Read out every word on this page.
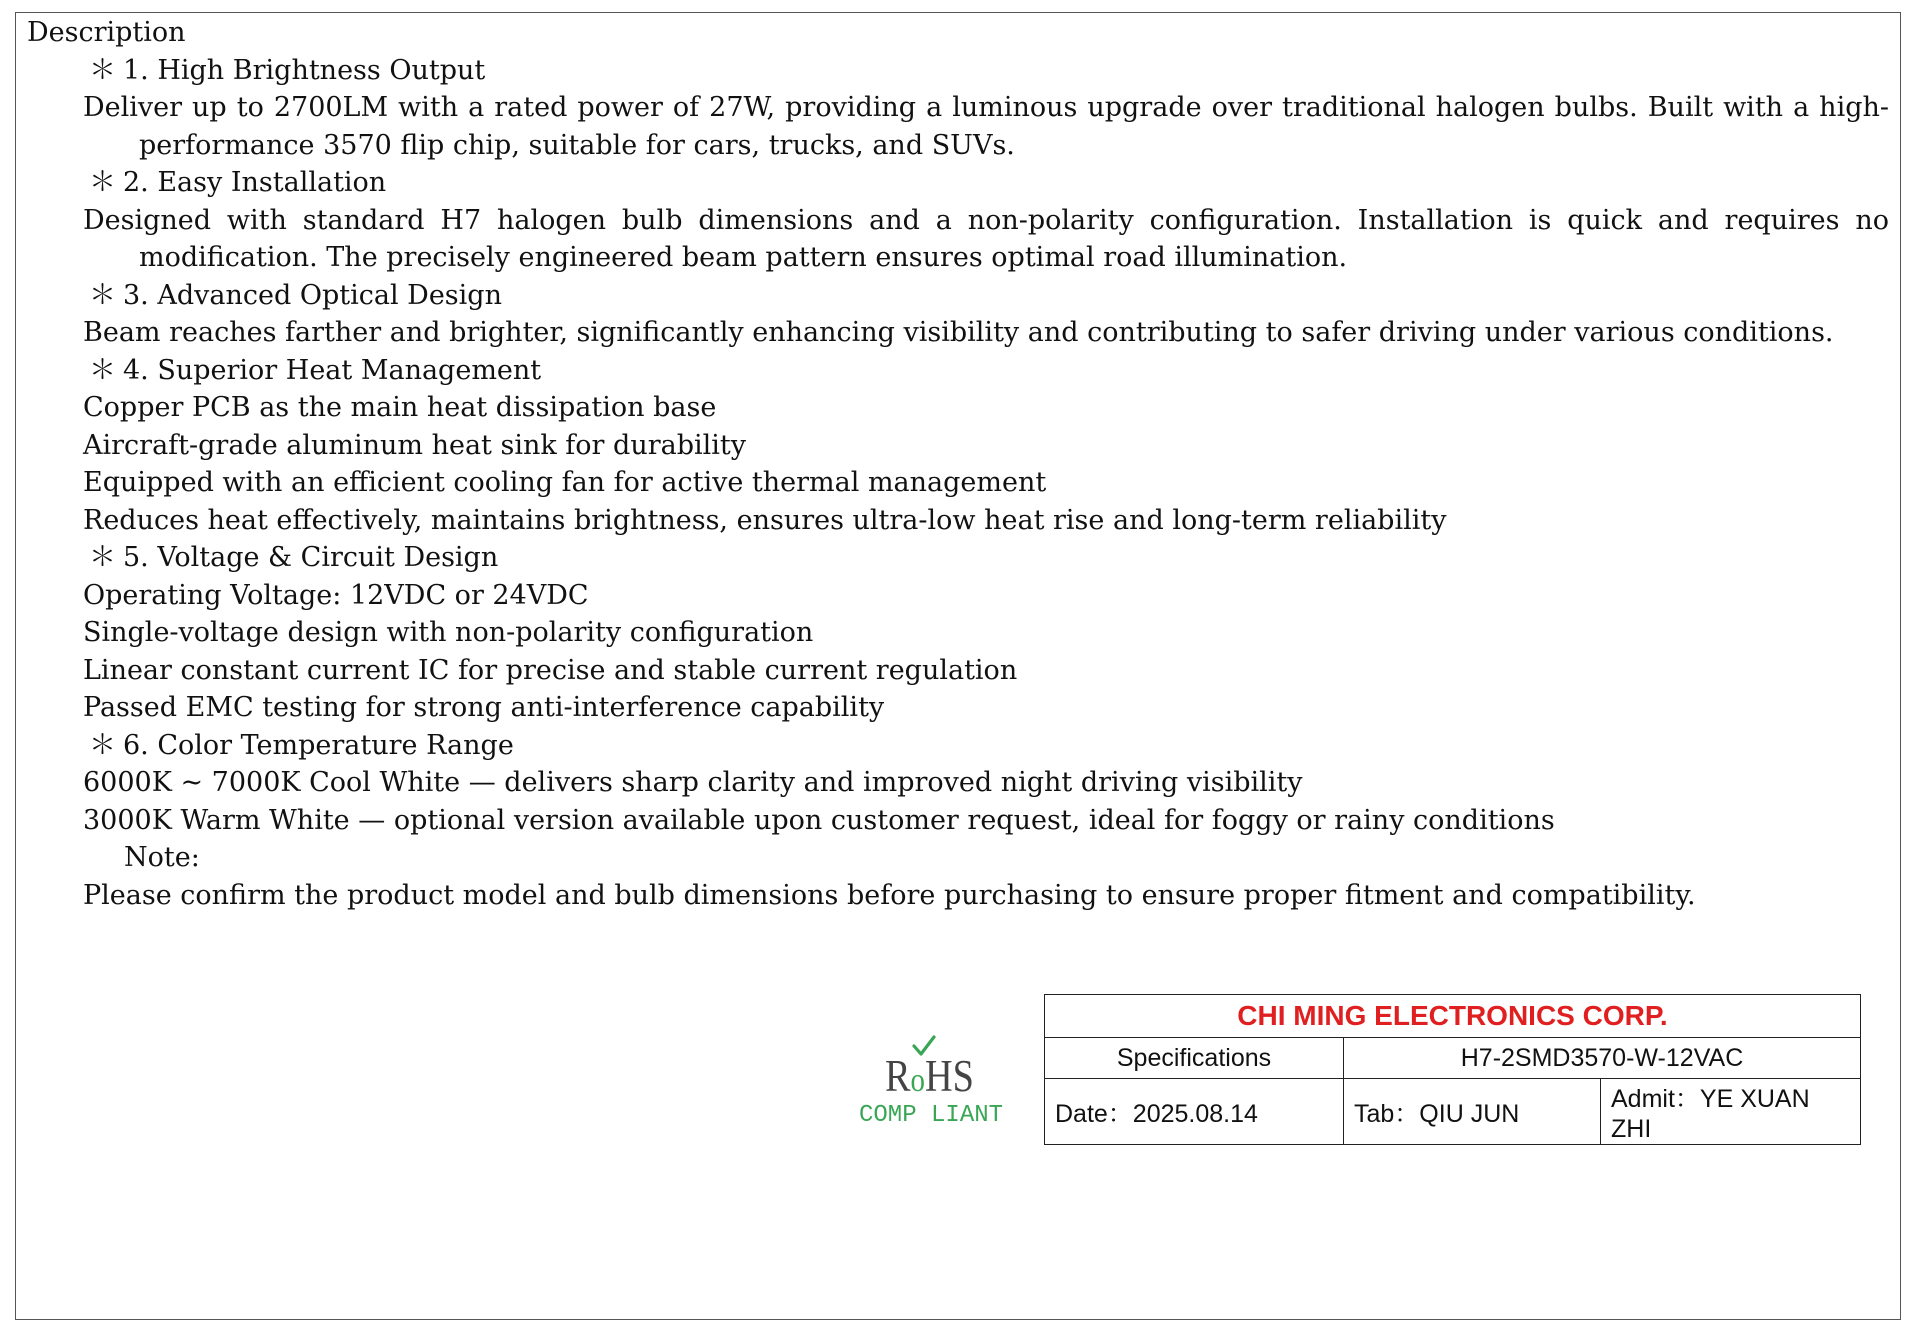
Description
＊ 1. High Brightness Output
Deliver up to 2700LM with a rated power of 27W, providing a luminous upgrade over traditional halogen bulbs. Built with a high-performance 3570 flip chip, suitable for cars, trucks, and SUVs.
＊ 2. Easy Installation
Designed with standard H7 halogen bulb dimensions and a non-polarity configuration. Installation is quick and requires no modification. The precisely engineered beam pattern ensures optimal road illumination.
＊ 3. Advanced Optical Design
Beam reaches farther and brighter, significantly enhancing visibility and contributing to safer driving under various conditions.
＊ 4. Superior Heat Management
Copper PCB as the main heat dissipation base
Aircraft-grade aluminum heat sink for durability
Equipped with an efficient cooling fan for active thermal management
Reduces heat effectively, maintains brightness, ensures ultra-low heat rise and long-term reliability
＊ 5. Voltage & Circuit Design
Operating Voltage: 12VDC or 24VDC
Single-voltage design with non-polarity configuration
Linear constant current IC for precise and stable current regulation
Passed EMC testing for strong anti-interference capability
＊ 6. Color Temperature Range
6000K ~ 7000K Cool White — delivers sharp clarity and improved night driving visibility
3000K Warm White — optional version available upon customer request, ideal for foggy or rainy conditions
Note:
Please confirm the product model and bulb dimensions before purchasing to ensure proper fitment and compatibility.
RoHS
COMP LIANT
CHI MING ELECTRONICS CORP.		
Specifications	H7-2SMD3570-W-12VAC	
Date：2025.08.14	Tab：QIU JUN	Admit：YE XUAN ZHI
